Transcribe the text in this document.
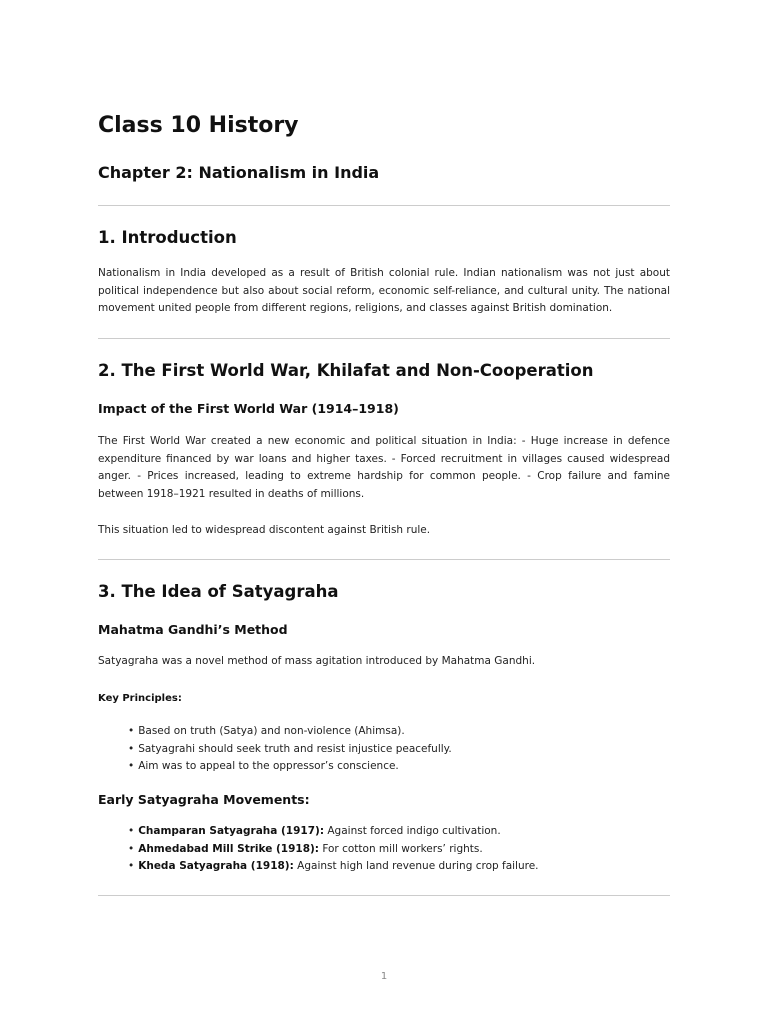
Class 10 History
Chapter 2: Nationalism in India
1. Introduction

Nationalism in India developed as a result of British colonial rule. Indian nationalism was not just about political independence but also about social reform, economic self-reliance, and cultural unity. The national movement united people from different regions, religions, and classes against British domination.

2. The First World War, Khilafat and Non-Cooperation
Impact of the First World War (1914–1918)

The First World War created a new economic and political situation in India: - Huge increase in defence expenditure financed by war loans and higher taxes. - Forced recruitment in villages caused widespread anger. - Prices increased, leading to extreme hardship for common people. - Crop failure and famine between 1918–1921 resulted in deaths of millions.

This situation led to widespread discontent against British rule.

3. The Idea of Satyagraha
Mahatma Gandhi’s Method

Satyagraha was a novel method of mass agitation introduced by Mahatma Gandhi.

Key Principles:
• Based on truth (Satya) and non-violence (Ahimsa).
• Satyagrahi should seek truth and resist injustice peacefully.
• Aim was to appeal to the oppressor’s conscience.
Early Satyagraha Movements:
• Champaran Satyagraha (1917): Against forced indigo cultivation.
• Ahmedabad Mill Strike (1918): For cotton mill workers’ rights.
• Kheda Satyagraha (1918): Against high land revenue during crop failure.
1
